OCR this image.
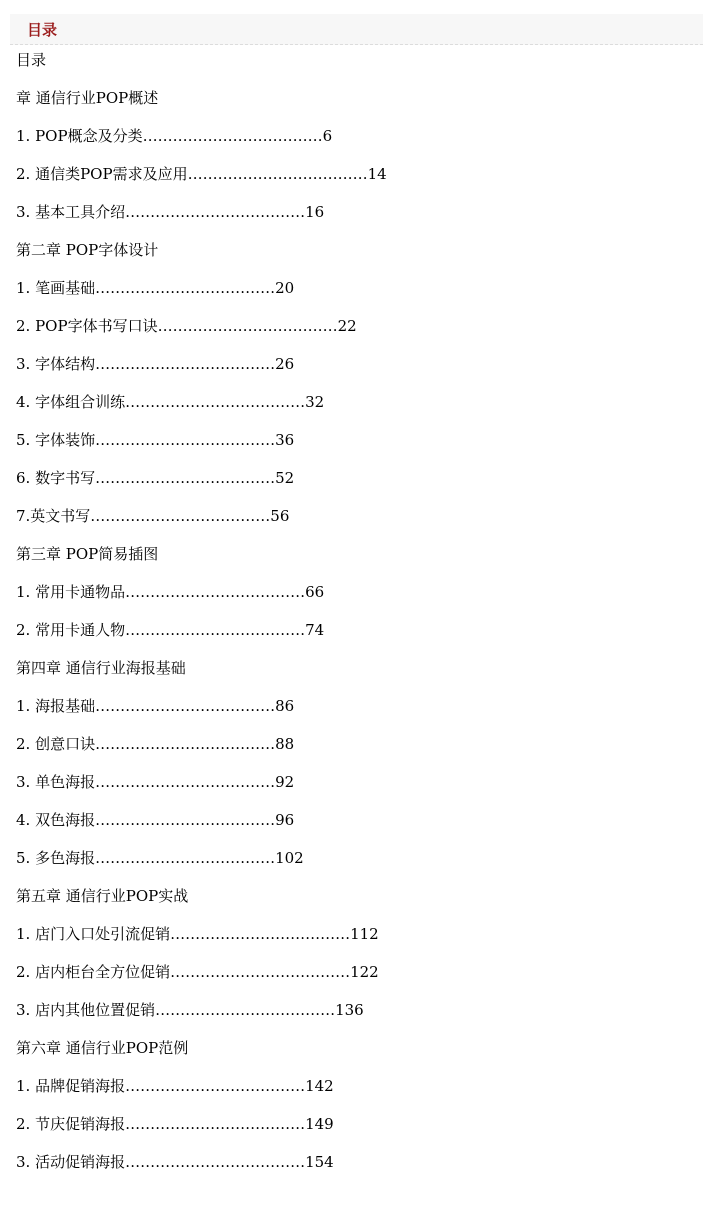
目录
目录
章 通信行业POP概述
1. POP概念及分类………………………………6
2. 通信类POP需求及应用………………………………14
3. 基本工具介绍………………………………16
第二章 POP字体设计
1. 笔画基础………………………………20
2. POP字体书写口诀………………………………22
3. 字体结构………………………………26
4. 字体组合训练………………………………32
5. 字体装饰………………………………36
6. 数字书写………………………………52
7.英文书写………………………………56
第三章 POP简易插图
1. 常用卡通物品………………………………66
2. 常用卡通人物………………………………74
第四章 通信行业海报基础
1. 海报基础………………………………86
2. 创意口诀………………………………88
3. 单色海报………………………………92
4. 双色海报………………………………96
5. 多色海报………………………………102
第五章 通信行业POP实战
1. 店门入口处引流促销………………………………112
2. 店内柜台全方位促销………………………………122
3. 店内其他位置促销………………………………136
第六章 通信行业POP范例
1. 品牌促销海报………………………………142
2. 节庆促销海报………………………………149
3. 活动促销海报………………………………154
